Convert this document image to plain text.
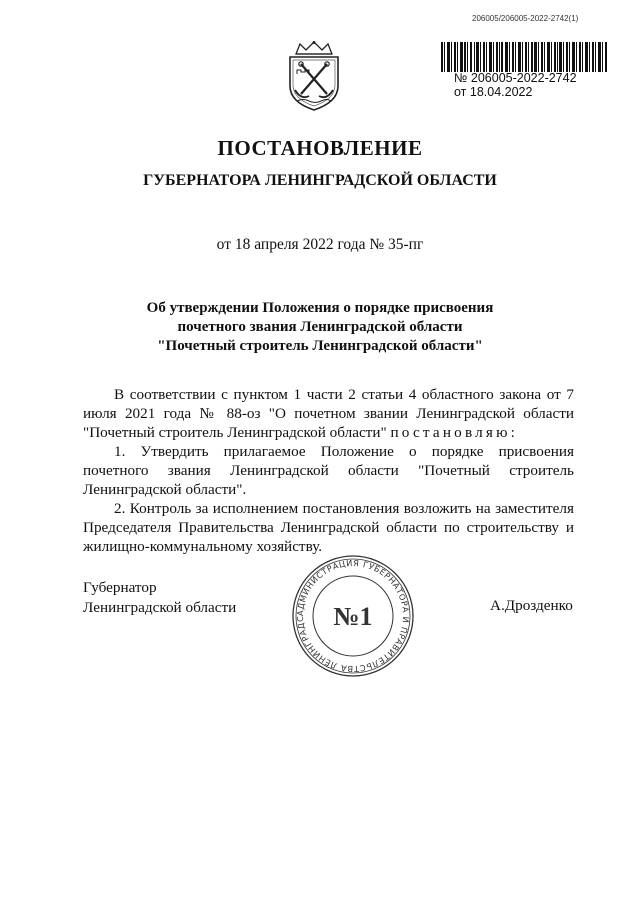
206005/206005-2022-2742(1)
№ 206005-2022-2742
от 18.04.2022
ПОСТАНОВЛЕНИЕ
ГУБЕРНАТОРА ЛЕНИНГРАДСКОЙ ОБЛАСТИ
от 18 апреля 2022 года № 35-пг
Об утверждении Положения о порядке присвоения
почетного звания Ленинградской области
"Почетный строитель Ленинградской области"
В соответствии с пунктом 1 части 2 статьи 4 областного закона от 7 июля 2021 года № 88-оз "О почетном звании Ленинградской области "Почетный строитель Ленинградской области" постановляю:
1. Утвердить прилагаемое Положение о порядке присвоения почетного звания Ленинградской области "Почетный строитель Ленинградской области".
2. Контроль за исполнением постановления возложить на заместителя Председателя Правительства Ленинградской области по строительству и жилищно-коммунальному хозяйству.
Губернатор
Ленинградской области	АДМИНИСТРАЦИЯ ГУБЕРНАТОРА И ПРАВИТЕЛЬСТВА ЛЕНИНГРАДС	№1	А.Дрозденко
